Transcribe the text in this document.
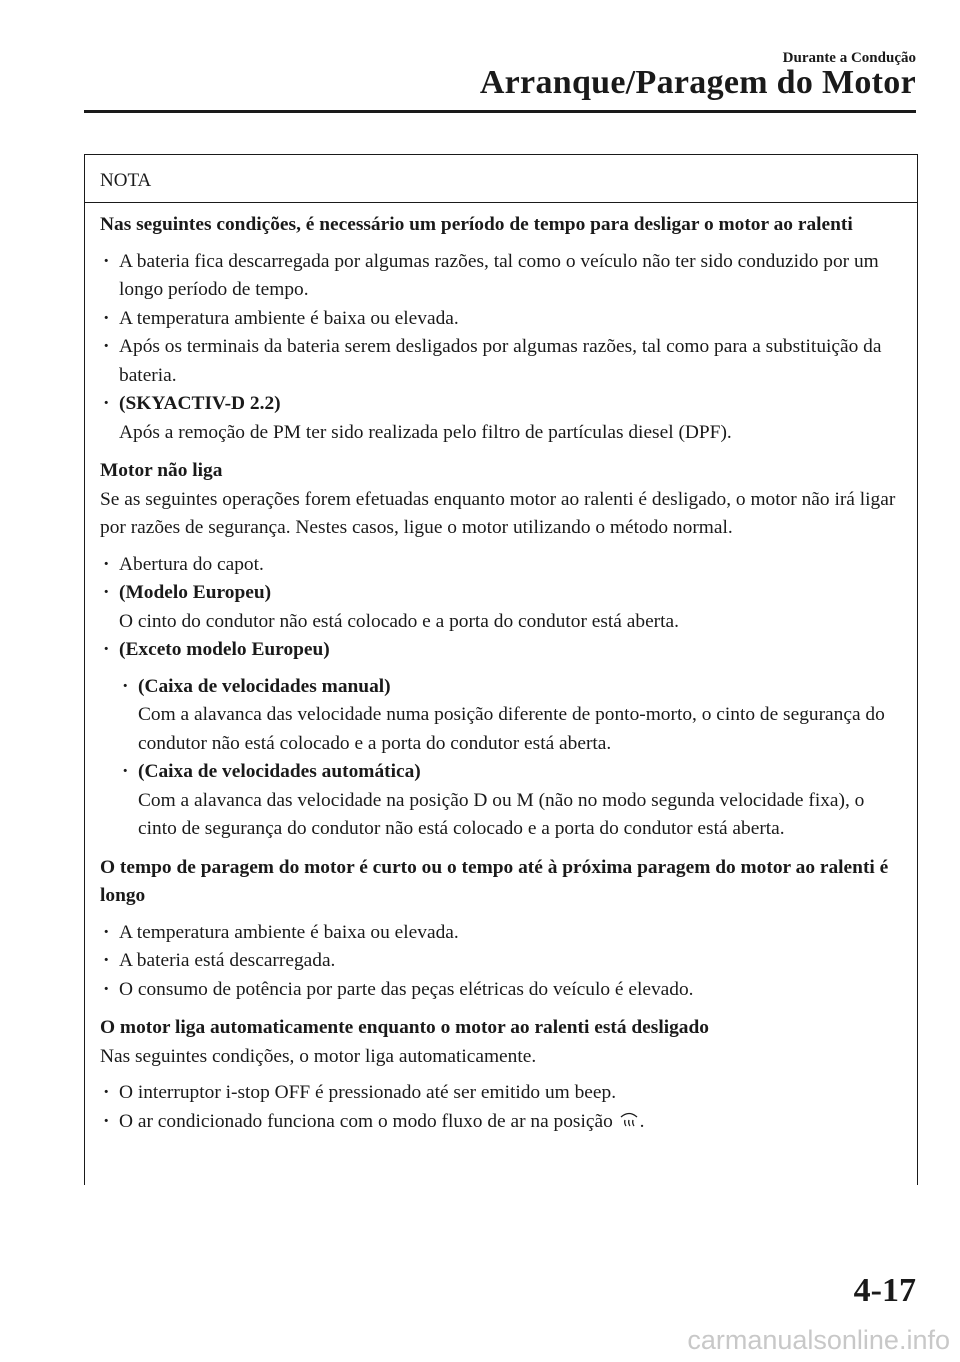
Durante a Condução
Arranque/Paragem do Motor
NOTA
Nas seguintes condições, é necessário um período de tempo para desligar o motor ao ralenti
· A bateria fica descarregada por algumas razões, tal como o veículo não ter sido conduzido por um longo período de tempo.
· A temperatura ambiente é baixa ou elevada.
· Após os terminais da bateria serem desligados por algumas razões, tal como para a substituição da bateria.
· (SKYACTIV-D 2.2)
Após a remoção de PM ter sido realizada pelo filtro de partículas diesel (DPF).
Motor não liga

Se as seguintes operações forem efetuadas enquanto motor ao ralenti é desligado, o motor não irá ligar por razões de segurança. Nestes casos, ligue o motor utilizando o método normal.

· Abertura do capot.
· (Modelo Europeu)
O cinto do condutor não está colocado e a porta do condutor está aberta.
· (Exceto modelo Europeu)
· (Caixa de velocidades manual)
Com a alavanca das velocidade numa posição diferente de ponto-morto, o cinto de segurança do condutor não está colocado e a porta do condutor está aberta.
· (Caixa de velocidades automática)
Com a alavanca das velocidade na posição D ou M (não no modo segunda velocidade fixa), o cinto de segurança do condutor não está colocado e a porta do condutor está aberta.
O tempo de paragem do motor é curto ou o tempo até à próxima paragem do motor ao ralenti é longo
· A temperatura ambiente é baixa ou elevada.
· A bateria está descarregada.
· O consumo de potência por parte das peças elétricas do veículo é elevado.
O motor liga automaticamente enquanto o motor ao ralenti está desligado

Nas seguintes condições, o motor liga automaticamente.

· O interruptor i-stop OFF é pressionado até ser emitido um beep.
· O ar condicionado funciona com o modo fluxo de ar na posição .
4-17
carmanualsonline.info
